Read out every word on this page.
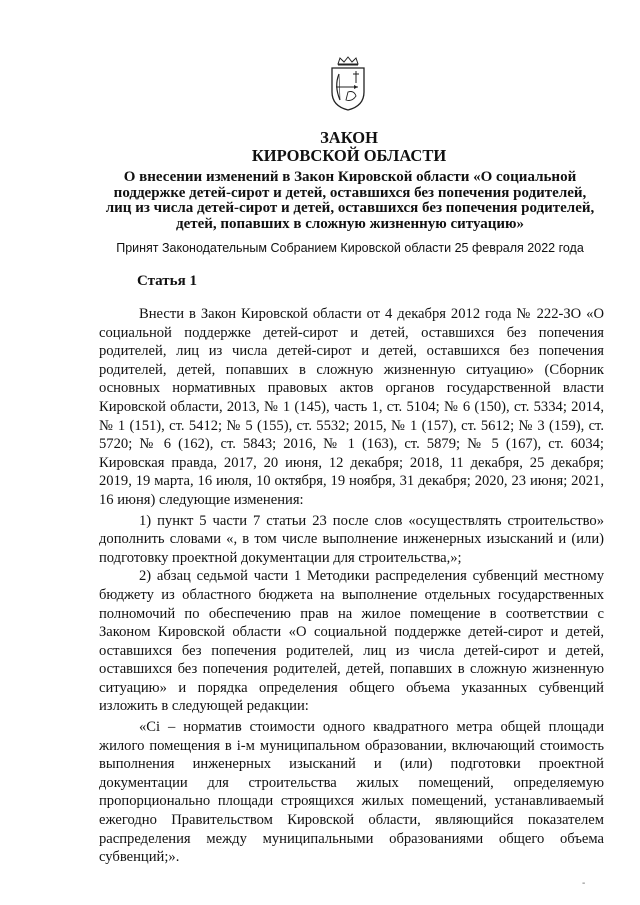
ЗАКОН
КИРОВСКОЙ ОБЛАСТИ
О внесении изменений в Закон Кировской области «О социальной поддержке детей-сирот и детей, оставшихся без попечения родителей, лиц из числа детей-сирот и детей, оставшихся без попечения родителей, детей, попавших в сложную жизненную ситуацию»
Принят Законодательным Собранием Кировской области 25 февраля 2022 года
Статья 1

Внести в Закон Кировской области от 4 декабря 2012 года № 222-ЗО «О социальной поддержке детей-сирот и детей, оставшихся без попечения родителей, лиц из числа детей-сирот и детей, оставшихся без попечения родителей, детей, попавших в сложную жизненную ситуацию» (Сборник основных нормативных правовых актов органов государственной власти Кировской области, 2013, № 1 (145), часть 1, ст. 5104; № 6 (150), ст. 5334; 2014, № 1 (151), ст. 5412; № 5 (155), ст. 5532; 2015, № 1 (157), ст. 5612; № 3 (159), ст. 5720; № 6 (162), ст. 5843; 2016, № 1 (163), ст. 5879; № 5 (167), ст. 6034; Кировская правда, 2017, 20 июня, 12 декабря; 2018, 11 декабря, 25 декабря; 2019, 19 марта, 16 июля, 10 октября, 19 ноября, 31 декабря; 2020, 23 июня; 2021, 16 июня) следующие изменения:

1) пункт 5 части 7 статьи 23 после слов «осуществлять строительство» дополнить словами «, в том числе выполнение инженерных изысканий и (или) подготовку проектной документации для строительства,»;

2) абзац седьмой части 1 Методики распределения субвенций местному бюджету из областного бюджета на выполнение отдельных государственных полномочий по обеспечению прав на жилое помещение в соответствии с Законом Кировской области «О социальной поддержке детей-сирот и детей, оставшихся без попечения родителей, лиц из числа детей-сирот и детей, оставшихся без попечения родителей, детей, попавших в сложную жизненную ситуацию» и порядка определения общего объема указанных субвенций изложить в следующей редакции:

«Сi – норматив стоимости одного квадратного метра общей площади жилого помещения в i-м муниципальном образовании, включающий стоимость выполнения инженерных изысканий и (или) подготовки проектной документации для строительства жилых помещений, определяемую пропорционально площади строящихся жилых помещений, устанавливаемый ежегодно Правительством Кировской области, являющийся показателем распределения между муниципальными образованиями общего объема субвенций;».

-
